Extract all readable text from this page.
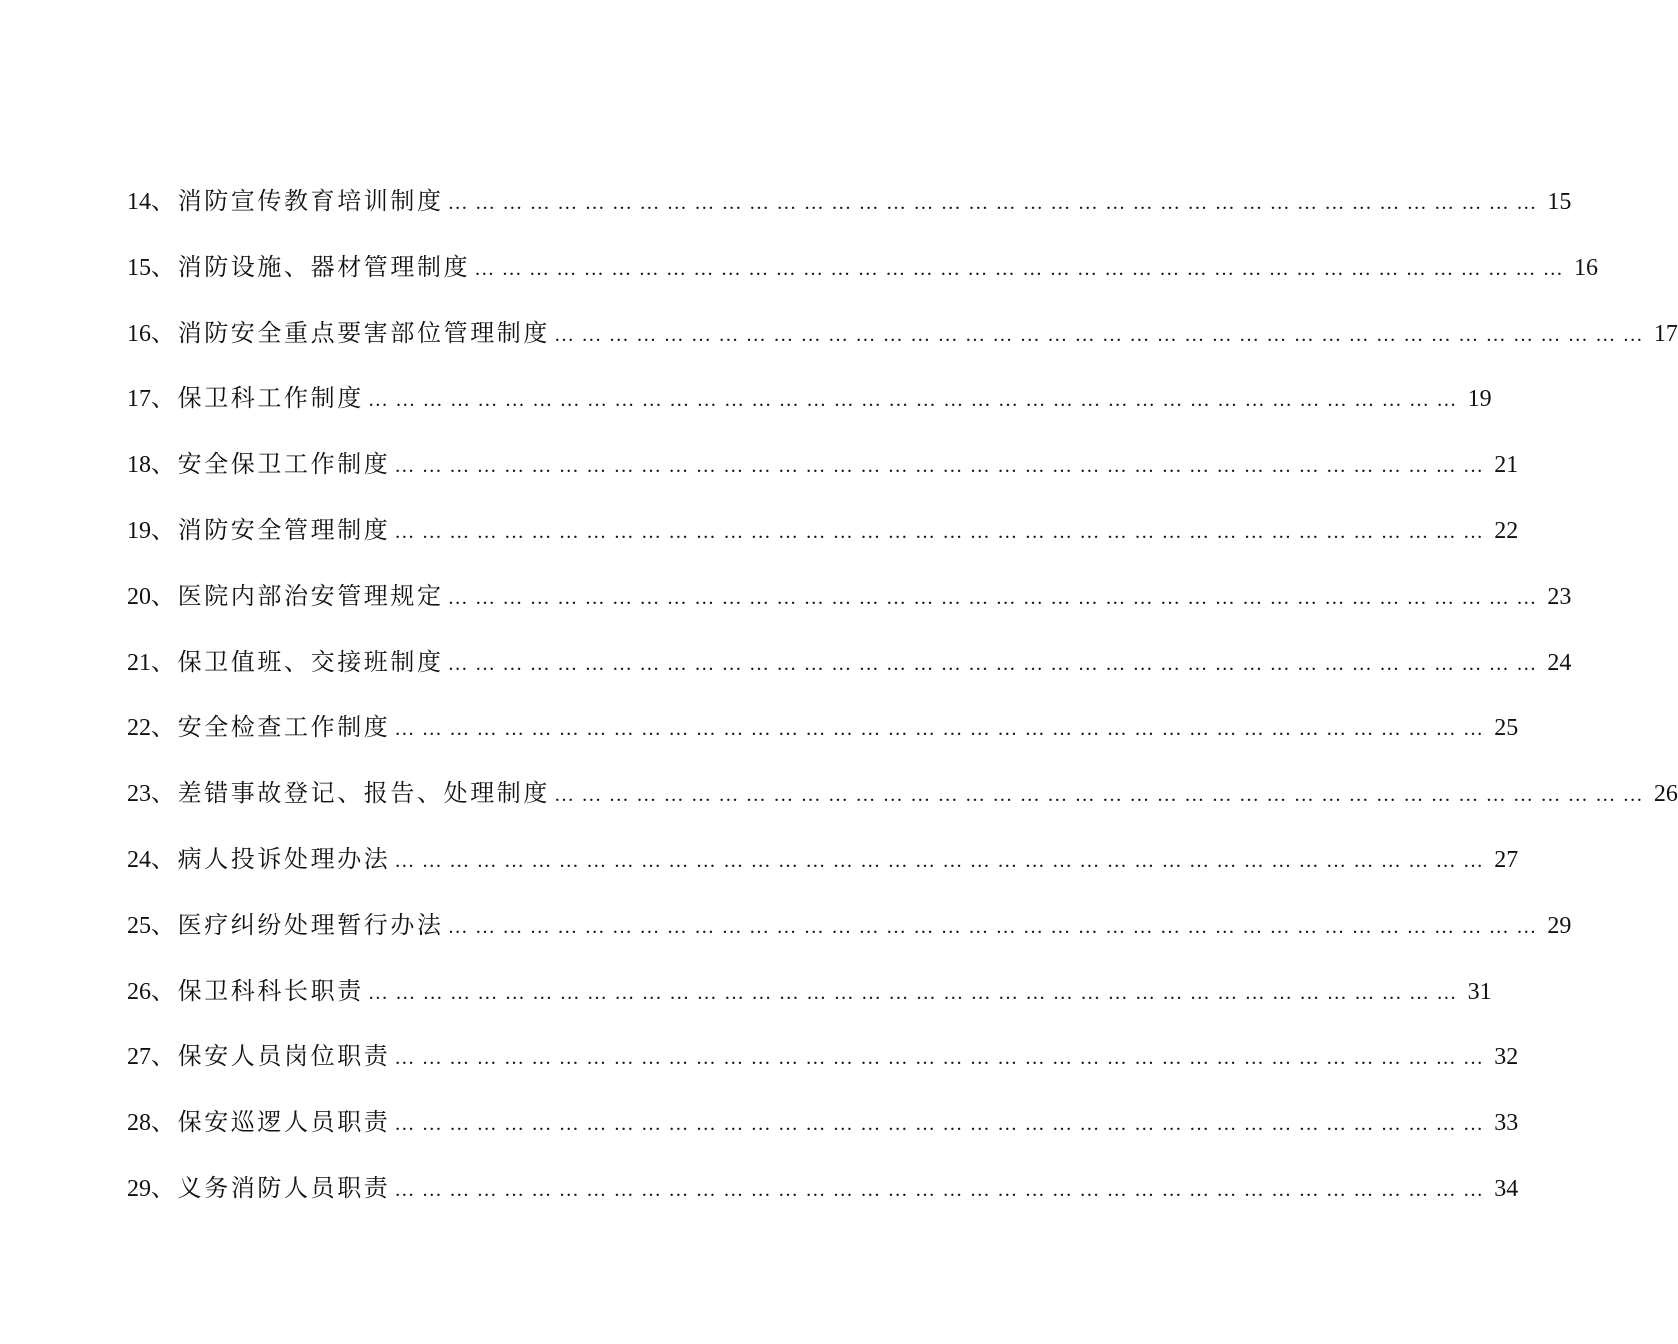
14 、消防宣传教育培训制度 … … … … … … … … … … … … … … … … … … … … … … … … … … … … … … … … … … … … … … … … 15
15 、消防设施、器材管理制度 … … … … … … … … … … … … … … … … … … … … … … … … … … … … … … … … … … … … … … … … 16
16 、消防安全重点要害部位管理制度 … … … … … … … … … … … … … … … … … … … … … … … … … … … … … … … … … … … … … … … … 17
17 、保卫科工作制度 … … … … … … … … … … … … … … … … … … … … … … … … … … … … … … … … … … … … … … … … 19
18 、安全保卫工作制度 … … … … … … … … … … … … … … … … … … … … … … … … … … … … … … … … … … … … … … … … 21
19 、消防安全管理制度 … … … … … … … … … … … … … … … … … … … … … … … … … … … … … … … … … … … … … … … … 22
20 、医院内部治安管理规定 … … … … … … … … … … … … … … … … … … … … … … … … … … … … … … … … … … … … … … … … 23
21 、保卫值班、交接班制度 … … … … … … … … … … … … … … … … … … … … … … … … … … … … … … … … … … … … … … … … 24
22 、安全检查工作制度 … … … … … … … … … … … … … … … … … … … … … … … … … … … … … … … … … … … … … … … … 25
23 、差错事故登记、报告、处理制度 … … … … … … … … … … … … … … … … … … … … … … … … … … … … … … … … … … … … … … … … 26
24 、病人投诉处理办法 … … … … … … … … … … … … … … … … … … … … … … … … … … … … … … … … … … … … … … … … 27
25 、医疗纠纷处理暂行办法 … … … … … … … … … … … … … … … … … … … … … … … … … … … … … … … … … … … … … … … … 29
26 、保卫科科长职责 … … … … … … … … … … … … … … … … … … … … … … … … … … … … … … … … … … … … … … … … 31
27 、保安人员岗位职责 … … … … … … … … … … … … … … … … … … … … … … … … … … … … … … … … … … … … … … … … 32
28 、保安巡逻人员职责 … … … … … … … … … … … … … … … … … … … … … … … … … … … … … … … … … … … … … … … … 33
29 、义务消防人员职责 … … … … … … … … … … … … … … … … … … … … … … … … … … … … … … … … … … … … … … … … 34
